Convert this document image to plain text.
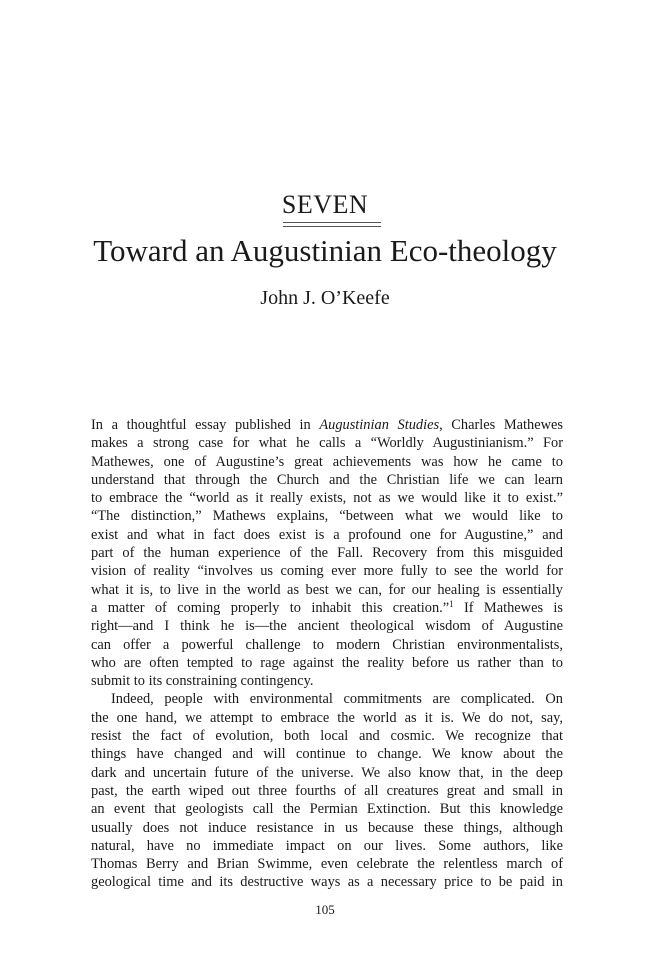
SEVEN
Toward an Augustinian Eco-theology
John J. O’Keefe
In a thoughtful essay published in Augustinian Studies, Charles Mathewes
makes a strong case for what he calls a “Worldly Augustinianism.” For
Mathewes, one of Augustine’s great achievements was how he came to
understand that through the Church and the Christian life we can learn
to embrace the “world as it really exists, not as we would like it to exist.”
“The distinction,” Mathews explains, “between what we would like to
exist and what in fact does exist is a profound one for Augustine,” and
part of the human experience of the Fall. Recovery from this misguided
vision of reality “involves us coming ever more fully to see the world for
what it is, to live in the world as best we can, for our healing is essentially
a matter of coming properly to inhabit this creation.”$^1$ If Mathewes is
right—and I think he is—the ancient theological wisdom of Augustine
can offer a powerful challenge to modern Christian environmentalists,
who are often tempted to rage against the reality before us rather than to
submit to its constraining contingency.
Indeed, people with environmental commitments are complicated. On
the one hand, we attempt to embrace the world as it is. We do not, say,
resist the fact of evolution, both local and cosmic. We recognize that
things have changed and will continue to change. We know about the
dark and uncertain future of the universe. We also know that, in the deep
past, the earth wiped out three fourths of all creatures great and small in
an event that geologists call the Permian Extinction. But this knowledge
usually does not induce resistance in us because these things, although
natural, have no immediate impact on our lives. Some authors, like
Thomas Berry and Brian Swimme, even celebrate the relentless march of
geological time and its destructive ways as a necessary price to be paid in
105
